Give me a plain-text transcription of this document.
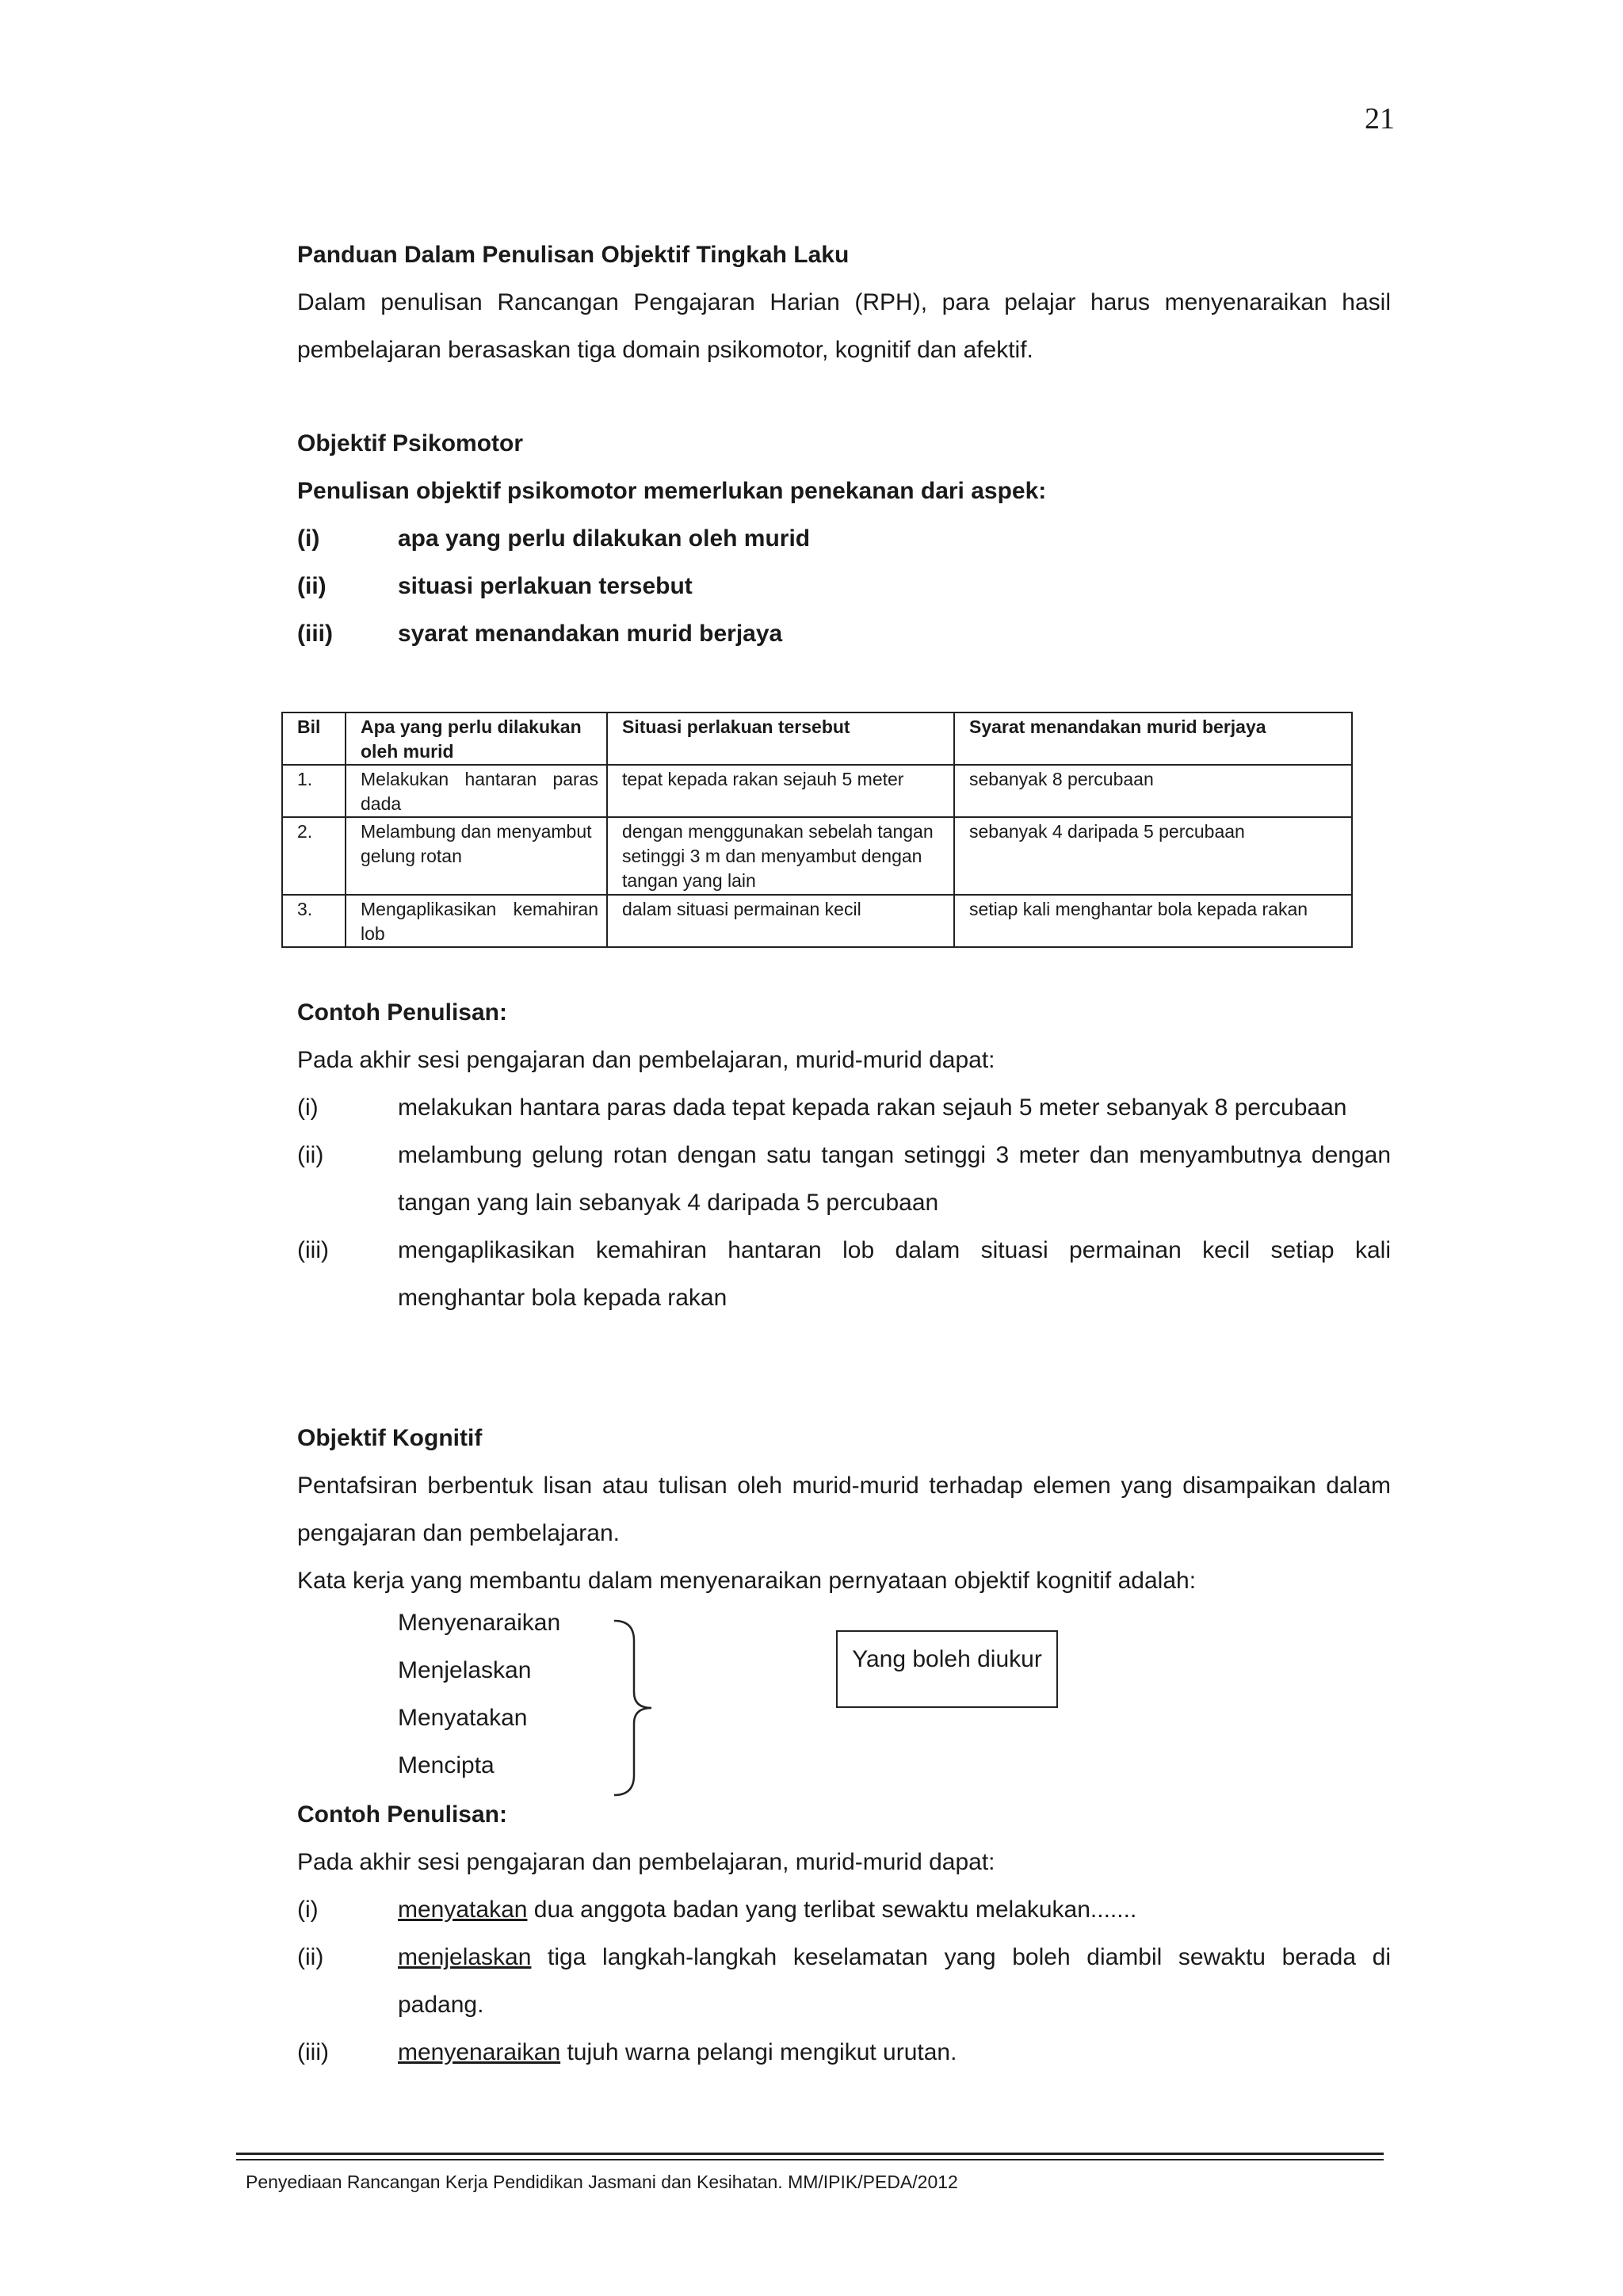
21
Panduan Dalam Penulisan Objektif Tingkah Laku
Dalam penulisan Rancangan Pengajaran Harian (RPH), para pelajar harus menyenaraikan hasil pembelajaran berasaskan tiga domain psikomotor, kognitif dan afektif.
Objektif Psikomotor
Penulisan objektif psikomotor memerlukan penekanan dari aspek:
(i)	apa yang perlu dilakukan oleh murid
(ii)	situasi perlakuan tersebut
(iii)	syarat menandakan murid berjaya
Bil	Apa yang perlu dilakukan oleh murid	Situasi perlakuan tersebut	Syarat menandakan murid berjaya
1.	Melakukan hantaran paras dada	tepat kepada rakan sejauh 5 meter	sebanyak 8 percubaan
2.	Melambung dan menyambut gelung rotan	dengan menggunakan sebelah tangan setinggi 3 m dan menyambut dengan tangan yang lain	sebanyak 4 daripada 5 percubaan
3.	Mengaplikasikan kemahiran lob	dalam situasi permainan kecil	setiap kali menghantar bola kepada rakan
Contoh Penulisan:
Pada akhir sesi pengajaran dan pembelajaran, murid-murid dapat:
(i)	melakukan hantara paras dada tepat kepada rakan sejauh 5 meter sebanyak 8 percubaan
(ii)	melambung gelung rotan dengan satu tangan setinggi 3 meter dan menyambutnya dengan tangan yang lain sebanyak 4 daripada 5 percubaan
(iii)	mengaplikasikan kemahiran hantaran lob dalam situasi permainan kecil setiap kali menghantar bola kepada rakan
Objektif Kognitif
Pentafsiran berbentuk lisan atau tulisan oleh murid-murid terhadap elemen yang disampaikan dalam pengajaran dan pembelajaran.
Kata kerja yang membantu dalam menyenaraikan pernyataan objektif kognitif adalah:
Menyenaraikan
Menjelaskan
Menyatakan
Mencipta
Yang boleh diukur
Contoh Penulisan:
Pada akhir sesi pengajaran dan pembelajaran, murid-murid dapat:
(i)	menyatakan dua anggota badan yang terlibat sewaktu melakukan.......
(ii)	menjelaskan tiga langkah-langkah keselamatan yang boleh diambil sewaktu berada di padang.
(iii)	menyenaraikan tujuh warna pelangi mengikut urutan.
Penyediaan Rancangan Kerja Pendidikan Jasmani dan Kesihatan. MM/IPIK/PEDA/2012
